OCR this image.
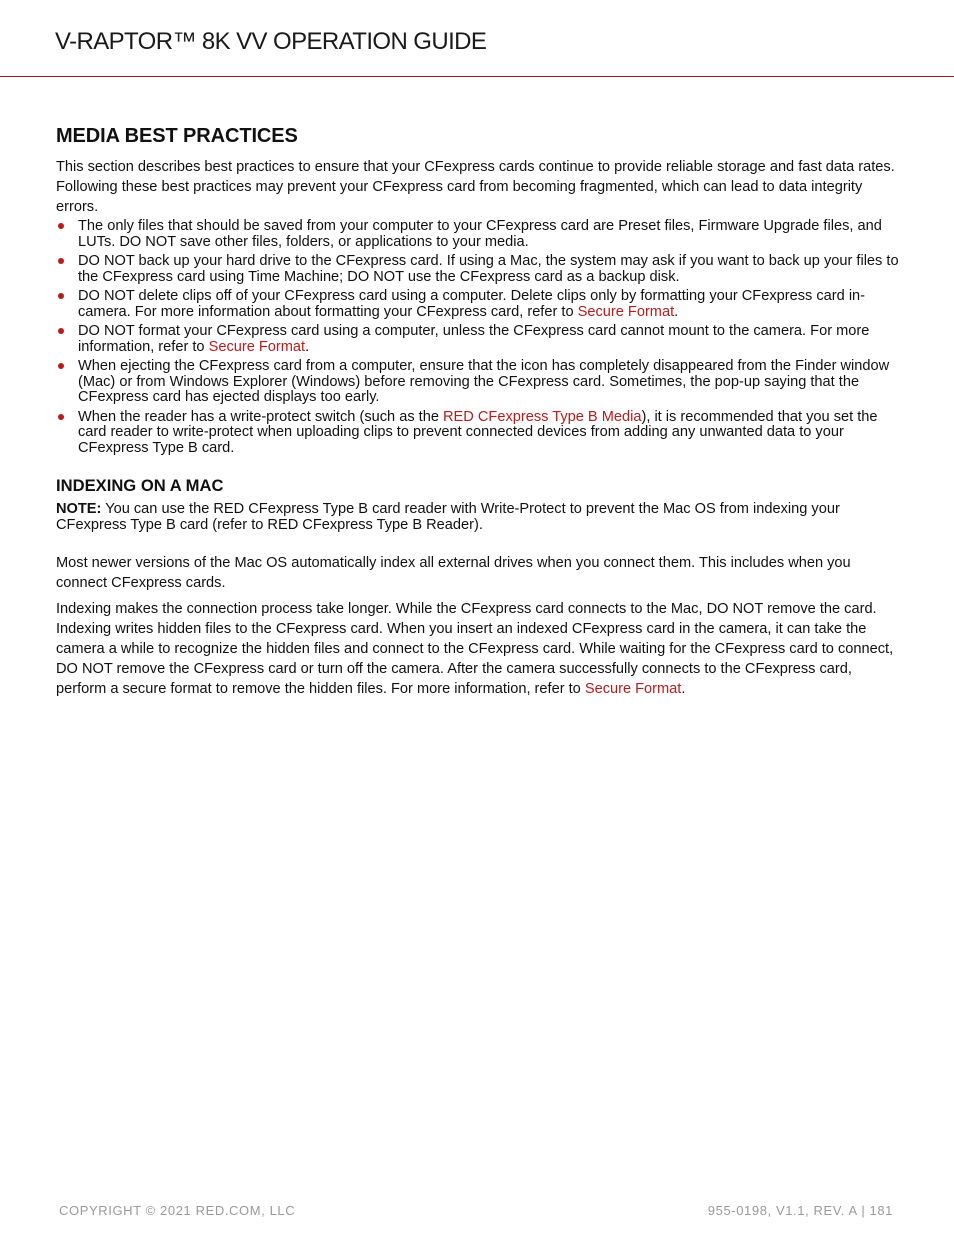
V-RAPTOR™ 8K VV OPERATION GUIDE
MEDIA BEST PRACTICES

This section describes best practices to ensure that your CFexpress cards continue to provide reliable storage and fast data rates. Following these best practices may prevent your CFexpress card from becoming fragmented, which can lead to data integrity errors.

The only files that should be saved from your computer to your CFexpress card are Preset files, Firmware Upgrade files, and LUTs. DO NOT save other files, folders, or applications to your media.
DO NOT back up your hard drive to the CFexpress card. If using a Mac, the system may ask if you want to back up your files to the CFexpress card using Time Machine; DO NOT use the CFexpress card as a backup disk.
DO NOT delete clips off of your CFexpress card using a computer. Delete clips only by formatting your CFexpress card in-camera. For more information about formatting your CFexpress card, refer to Secure Format.
DO NOT format your CFexpress card using a computer, unless the CFexpress card cannot mount to the camera. For more information, refer to Secure Format.
When ejecting the CFexpress card from a computer, ensure that the icon has completely disappeared from the Finder window (Mac) or from Windows Explorer (Windows) before removing the CFexpress card. Sometimes, the pop-up saying that the CFexpress card has ejected displays too early.
When the reader has a write-protect switch (such as the RED CFexpress Type B Media), it is recommended that you set the card reader to write-protect when uploading clips to prevent connected devices from adding any unwanted data to your CFexpress Type B card.
INDEXING ON A MAC

NOTE: You can use the RED CFexpress Type B card reader with Write-Protect to prevent the Mac OS from indexing your CFexpress Type B card (refer to RED CFexpress Type B Reader).

Most newer versions of the Mac OS automatically index all external drives when you connect them. This includes when you connect CFexpress cards.

Indexing makes the connection process take longer. While the CFexpress card connects to the Mac, DO NOT remove the card. Indexing writes hidden files to the CFexpress card. When you insert an indexed CFexpress card in the camera, it can take the camera a while to recognize the hidden files and connect to the CFexpress card. While waiting for the CFexpress card to connect, DO NOT remove the CFexpress card or turn off the camera. After the camera successfully connects to the CFexpress card, perform a secure format to remove the hidden files. For more information, refer to Secure Format.

COPYRIGHT © 2021 RED.COM, LLC	955-0198, V1.1, REV. A | 181
